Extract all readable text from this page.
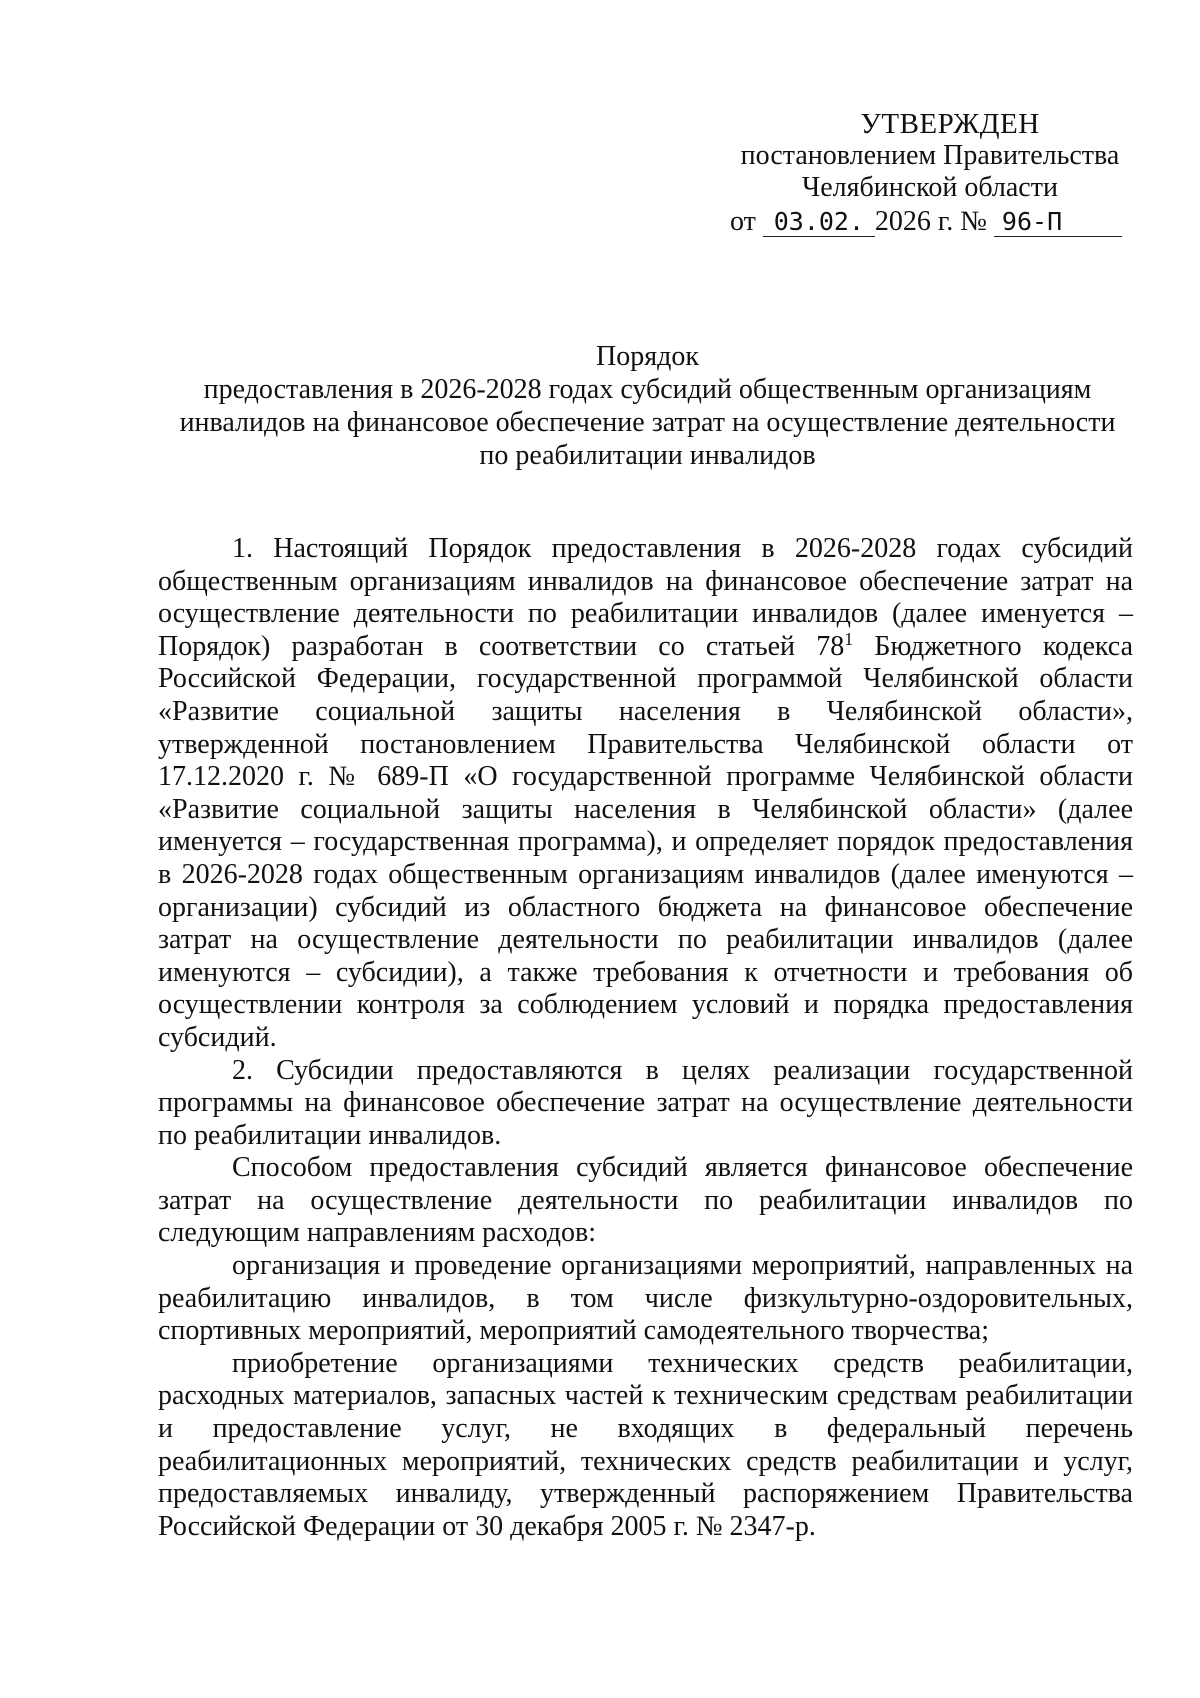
УТВЕРЖДЕН
постановлением Правительства
Челябинской области
от 03.02. 2026 г. № 96-П
Порядок
предоставления в 2026-2028 годах субсидий общественным организациям
инвалидов на финансовое обеспечение затрат на осуществление деятельности
по реабилитации инвалидов

1. Настоящий Порядок предоставления в 2026-2028 годах субсидий общественным организациям инвалидов на финансовое обеспечение затрат на осуществление деятельности по реабилитации инвалидов (далее именуется – Порядок) разработан в соответствии со статьей $78^1$ Бюджетного кодекса Российской Федерации, государственной программой Челябинской области «Развитие социальной защиты населения в Челябинской области», утвержденной постановлением Правительства Челябинской области от 17.12.2020 г. № 689-П «О государственной программе Челябинской области «Развитие социальной защиты населения в Челябинской области» (далее именуется – государственная программа), и определяет порядок предоставления в 2026-2028 годах общественным организациям инвалидов (далее именуются – организации) субсидий из областного бюджета на финансовое обеспечение затрат на осуществление деятельности по реабилитации инвалидов (далее именуются – субсидии), а также требования к отчетности и требования об осуществлении контроля за соблюдением условий и порядка предоставления субсидий.

2. Субсидии предоставляются в целях реализации государственной программы на финансовое обеспечение затрат на осуществление деятельности по реабилитации инвалидов.

Способом предоставления субсидий является финансовое обеспечение затрат на осуществление деятельности по реабилитации инвалидов по следующим направлениям расходов:

организация и проведение организациями мероприятий, направленных на реабилитацию инвалидов, в том числе физкультурно-оздоровительных, спортивных мероприятий, мероприятий самодеятельного творчества;

приобретение организациями технических средств реабилитации, расходных материалов, запасных частей к техническим средствам реабилитации и предоставление услуг, не входящих в федеральный перечень реабилитационных мероприятий, технических средств реабилитации и услуг, предоставляемых инвалиду, утвержденный распоряжением Правительства Российской Федерации от 30 декабря 2005 г. № 2347-р.
